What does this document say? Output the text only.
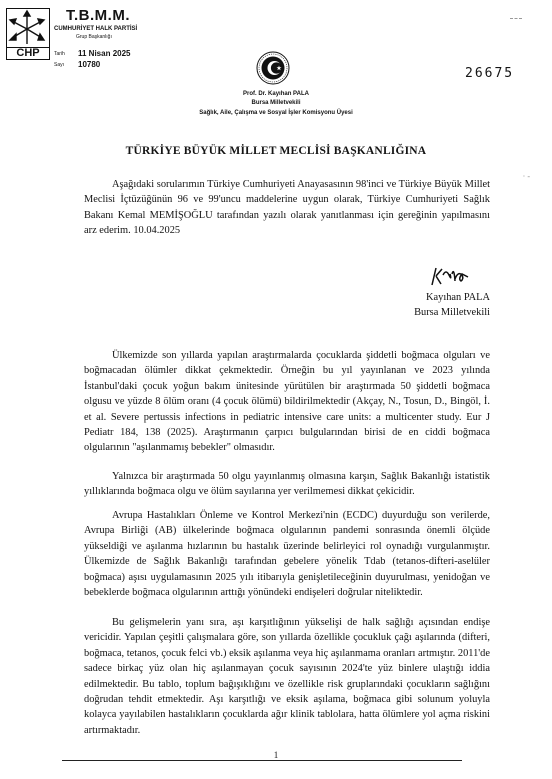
CHP
T.B.M.M.
CUMHURİYET HALK PARTİSİ
Grup Başkanlığı
Tarih 11 Nisan 2025
Sayı 10780
· -
26675
Prof. Dr. Kayıhan PALA
Bursa Milletvekili
Sağlık, Aile, Çalışma ve Sosyal İşler Komisyonu Üyesi
TÜRKİYE BÜYÜK MİLLET MECLİSİ BAŞKANLIĞINA

Aşağıdaki sorularımın Türkiye Cumhuriyeti Anayasasının 98'inci ve Türkiye Büyük Millet Meclisi İçtüzüğünün 96 ve 99'uncu maddelerine uygun olarak, Türkiye Cumhuriyeti Sağlık Bakanı Kemal MEMİŞOĞLU tarafından yazılı olarak yanıtlanması için gereğinin yapılmasını arz ederim. 10.04.2025

Kayıhan PALA
Bursa Milletvekili

Ülkemizde son yıllarda yapılan araştırmalarda çocuklarda şiddetli boğmaca olguları ve boğmacadan ölümler dikkat çekmektedir. Örneğin bu yıl yayınlanan ve 2023 yılında İstanbul'daki çocuk yoğun bakım ünitesinde yürütülen bir araştırmada 50 şiddetli boğmaca olgusu ve yüzde 8 ölüm oranı (4 çocuk ölümü) bildirilmektedir (Akçay, N., Tosun, D., Bingöl, İ. et al. Severe pertussis infections in pediatric intensive care units: a multicenter study. Eur J Pediatr 184, 138 (2025). Araştırmanın çarpıcı bulgularından birisi de en ciddi boğmaca olgularının "aşılanmamış bebekler" olmasıdır.

Yalnızca bir araştırmada 50 olgu yayınlanmış olmasına karşın, Sağlık Bakanlığı istatistik yıllıklarında boğmaca olgu ve ölüm sayılarına yer verilmemesi dikkat çekicidir.

Avrupa Hastalıkları Önleme ve Kontrol Merkezi'nin (ECDC) duyurduğu son verilerde, Avrupa Birliği (AB) ülkelerinde boğmaca olgularının pandemi sonrasında önemli ölçüde yükseldiği ve aşılanma hızlarının bu hastalık üzerinde belirleyici rol oynadığı vurgulanmıştır. Ülkemizde de Sağlık Bakanlığı tarafından gebelere yönelik Tdab (tetanos-difteri-aselüler boğmaca) aşısı uygulamasının 2025 yılı itibarıyla genişletileceğinin duyurulması, yenidoğan ve bebeklerde boğmaca olgularının arttığı yönündeki endişeleri doğrular niteliktedir.

Bu gelişmelerin yanı sıra, aşı karşıtlığının yükselişi de halk sağlığı açısından endişe vericidir. Yapılan çeşitli çalışmalara göre, son yıllarda özellikle çocukluk çağı aşılarında (difteri, boğmaca, tetanos, çocuk felci vb.) eksik aşılanma veya hiç aşılanmama oranları artmıştır. 2011'de sadece birkaç yüz olan hiç aşılanmayan çocuk sayısının 2024'te yüz binlere ulaştığı iddia edilmektedir. Bu tablo, toplum bağışıklığını ve özellikle risk gruplarındaki çocukların sağlığını doğrudan tehdit etmektedir. Aşı karşıtlığı ve eksik aşılama, boğmaca gibi solunum yoluyla kolayca yayılabilen hastalıkların çocuklarda ağır klinik tablolara, hatta ölümlere yol açma riskini artırmaktadır.

1
